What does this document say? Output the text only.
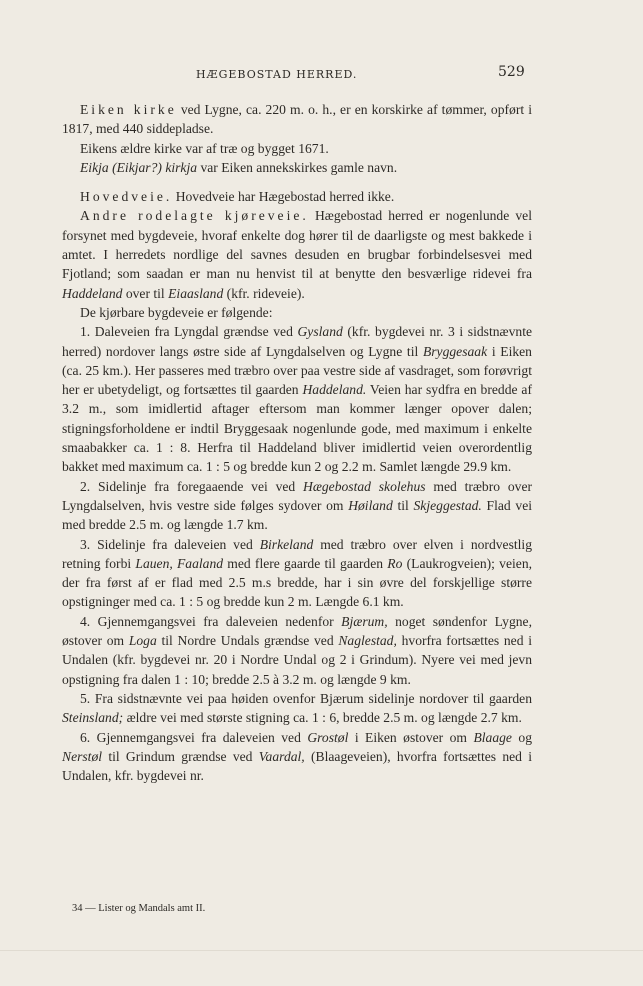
HÆGEBOSTAD HERRED.	529

Eiken kirke ved Lygne, ca. 220 m. o. h., er en korskirke af tømmer, opført i 1817, med 440 siddepladse.

Eikens ældre kirke var af træ og bygget 1671.

Eikja (Eikjar?) kirkja var Eiken annekskirkes gamle navn.

Hovedveie. Hovedveie har Hægebostad herred ikke.

Andre rodelagte kjøreveie. Hægebostad herred er nogenlunde vel forsynet med bygdeveie, hvoraf enkelte dog hører til de daarligste og mest bakkede i amtet. I herredets nordlige del savnes desuden en brugbar forbindelsesvei med Fjotland; som saadan er man nu henvist til at benytte den besværlige ridevei fra Haddeland over til Eiaasland (kfr. rideveie).

De kjørbare bygdeveie er følgende:

1. Daleveien fra Lyngdal grændse ved Gysland (kfr. bygdevei nr. 3 i sidstnævnte herred) nordover langs østre side af Lyngdalselven og Lygne til Bryggesaak i Eiken (ca. 25 km.). Her passeres med træbro over paa vestre side af vasdraget, som forøvrigt her er ubetydeligt, og fortsættes til gaarden Haddeland. Veien har sydfra en bredde af 3.2 m., som imidlertid aftager eftersom man kommer længer opover dalen; stigningsforholdene er indtil Bryggesaak nogenlunde gode, med maximum i enkelte smaabakker ca. 1 : 8. Herfra til Haddeland bliver imidlertid veien overordentlig bakket med maximum ca. 1 : 5 og bredde kun 2 og 2.2 m. Samlet længde 29.9 km.

2. Sidelinje fra foregaaende vei ved Hægebostad skolehus med træbro over Lyngdalselven, hvis vestre side følges sydover om Høiland til Skjeggestad. Flad vei med bredde 2.5 m. og længde 1.7 km.

3. Sidelinje fra daleveien ved Birkeland med træbro over elven i nordvestlig retning forbi Lauen, Faaland med flere gaarde til gaarden Ro (Laukrogveien); veien, der fra først af er flad med 2.5 m.s bredde, har i sin øvre del forskjellige større opstigninger med ca. 1 : 5 og bredde kun 2 m. Længde 6.1 km.

4. Gjennemgangsvei fra daleveien nedenfor Bjærum, noget søndenfor Lygne, østover om Loga til Nordre Undals grændse ved Naglestad, hvorfra fortsættes ned i Undalen (kfr. bygdevei nr. 20 i Nordre Undal og 2 i Grindum). Nyere vei med jevn opstigning fra dalen 1 : 10; bredde 2.5 à 3.2 m. og længde 9 km.

5. Fra sidstnævnte vei paa høiden ovenfor Bjærum sidelinje nordover til gaarden Steinsland; ældre vei med største stigning ca. 1 : 6, bredde 2.5 m. og længde 2.7 km.

6. Gjennemgangsvei fra daleveien ved Grostøl i Eiken østover om Blaage og Nerstøl til Grindum grændse ved Vaardal, (Blaageveien), hvorfra fortsættes ned i Undalen, kfr. bygdevei nr.

34 — Lister og Mandals amt II.
